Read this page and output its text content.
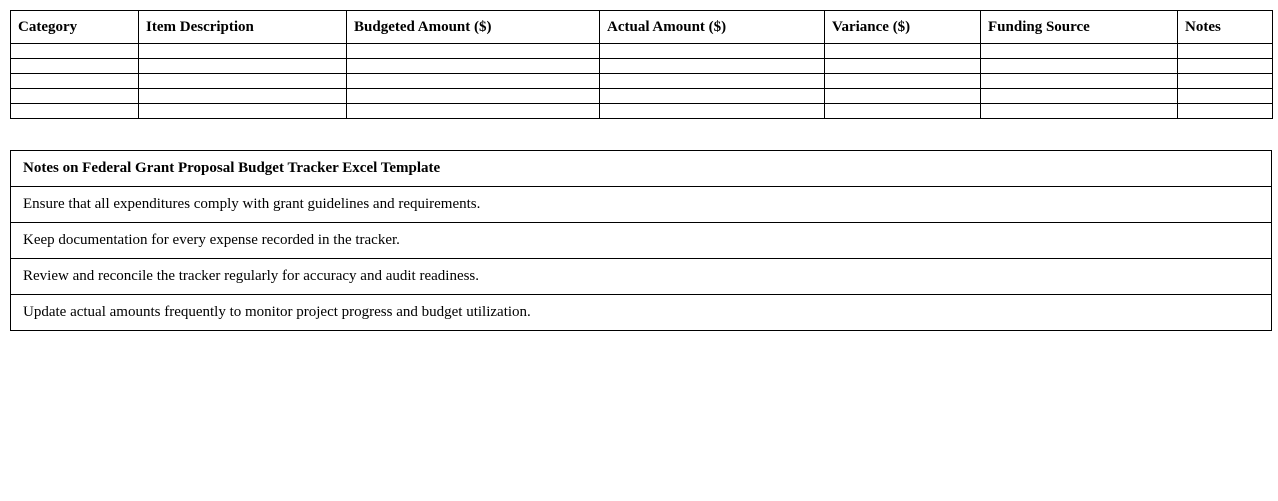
Category	Item Description	Budgeted Amount ($)	Actual Amount ($)	Variance ($)	Funding Source	Notes

Notes on Federal Grant Proposal Budget Tracker Excel Template
Ensure that all expenditures comply with grant guidelines and requirements.
Keep documentation for every expense recorded in the tracker.
Review and reconcile the tracker regularly for accuracy and audit readiness.
Update actual amounts frequently to monitor project progress and budget utilization.
